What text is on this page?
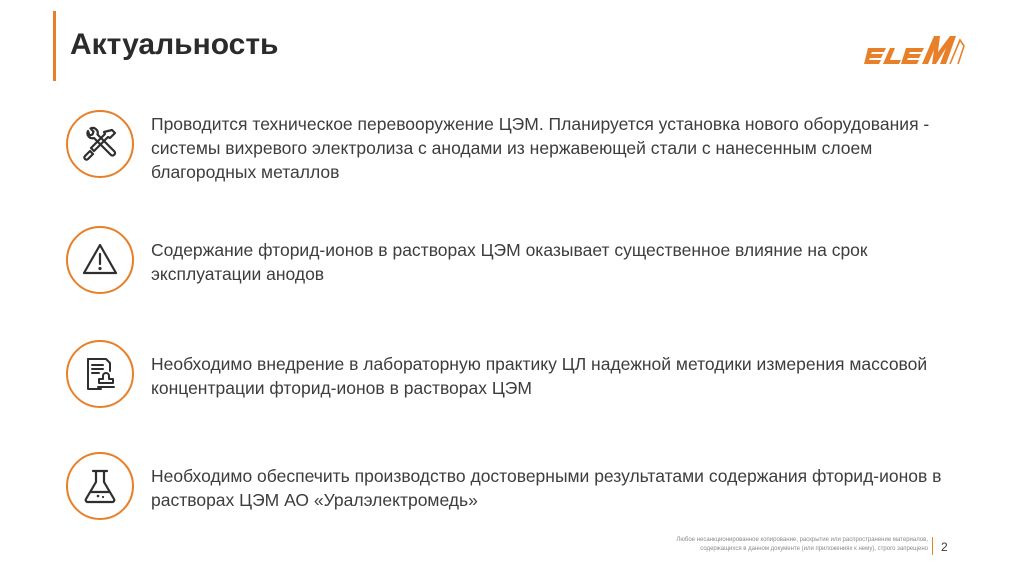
Актуальность
Проводится техническое перевооружение ЦЭМ. Планируется установка нового оборудования - системы вихревого электролиза с анодами из нержавеющей стали с нанесенным слоем благородных металлов
Содержание фторид-ионов в растворах ЦЭМ оказывает существенное влияние на срок эксплуатации анодов
Необходимо внедрение в лабораторную практику ЦЛ надежной методики измерения массовой концентрации фторид-ионов в растворах ЦЭМ
Необходимо обеспечить производство достоверными результатами содержания фторид-ионов в растворах ЦЭМ АО «Уралэлектромедь»
Любое несанкционированное копирование, раскрытие или распространение материалов,
содержащихся в данном документе (или приложениях к нему), строго запрещено 2
